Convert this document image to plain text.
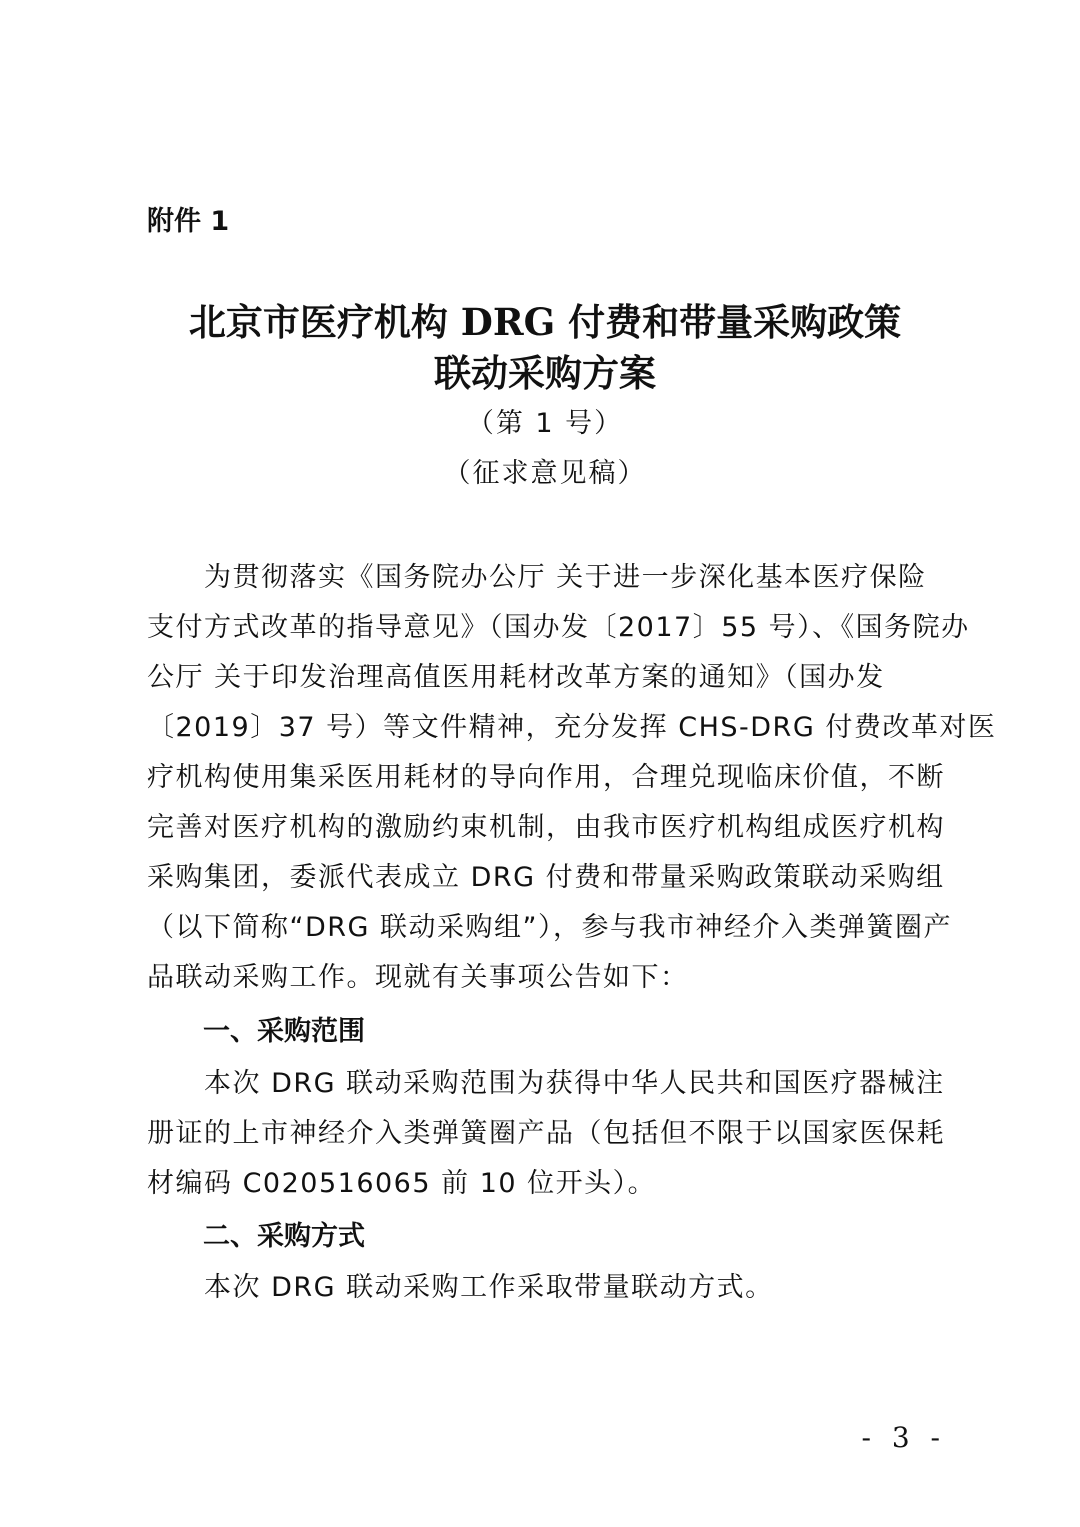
附件 1
北京市医疗机构 DRG 付费和带量采购政策
联动采购方案
（第 1 号）
（征求意见稿）
　　为贯彻落实《国务院办公厅 关于进一步深化基本医疗保险
支付方式改革的指导意见》（国办发〔2017〕55 号）、《国务院办
公厅 关于印发治理高值医用耗材改革方案的通知》（国办发
〔2019〕37 号）等文件精神，充分发挥 CHS-DRG 付费改革对医
疗机构使用集采医用耗材的导向作用，合理兑现临床价值，不断
完善对医疗机构的激励约束机制，由我市医疗机构组成医疗机构
采购集团，委派代表成立 DRG 付费和带量采购政策联动采购组
（以下简称“DRG 联动采购组”），参与我市神经介入类弹簧圈产
品联动采购工作。现就有关事项公告如下：
一、采购范围
　　本次 DRG 联动采购范围为获得中华人民共和国医疗器械注
册证的上市神经介入类弹簧圈产品（包括但不限于以国家医保耗
材编码 C020516065 前 10 位开头）。
二、采购方式
　　本次 DRG 联动采购工作采取带量联动方式。
- 3 -
